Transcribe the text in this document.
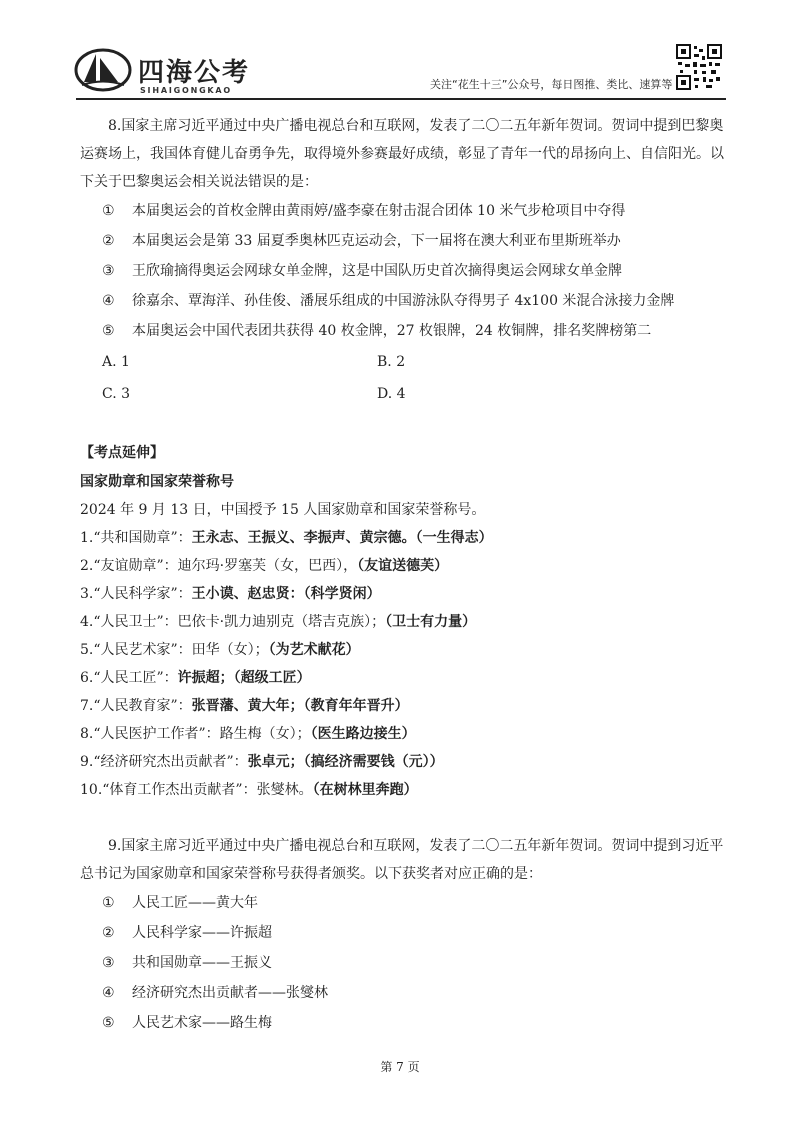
四海公考
SIHAIGONGKAO	关注“花生十三”公众号，每日图推、类比、速算等

8.国家主席习近平通过中央广播电视总台和互联网，发表了二〇二五年新年贺词。贺词中提到巴黎奥运赛场上，我国体育健儿奋勇争先，取得境外参赛最好成绩，彰显了青年一代的昂扬向上、自信阳光。以下关于巴黎奥运会相关说法错误的是：

① 本届奥运会的首枚金牌由黄雨婷/盛李豪在射击混合团体 10 米气步枪项目中夺得

② 本届奥运会是第 33 届夏季奥林匹克运动会，下一届将在澳大利亚布里斯班举办

③ 王欣瑜摘得奥运会网球女单金牌，这是中国队历史首次摘得奥运会网球女单金牌

④ 徐嘉余、覃海洋、孙佳俊、潘展乐组成的中国游泳队夺得男子 4x100 米混合泳接力金牌

⑤ 本届奥运会中国代表团共获得 40 枚金牌，27 枚银牌，24 枚铜牌，排名奖牌榜第二

A. 1	B. 2
C. 3	D. 4

【考点延伸】

国家勋章和国家荣誉称号

2024 年 9 月 13 日，中国授予 15 人国家勋章和国家荣誉称号。

1.“共和国勋章”：王永志、王振义、李振声、黄宗德。（一生得志）

2.“友谊勋章”：迪尔玛·罗塞芙（女，巴西），（友谊送德芙）

3.“人民科学家”：王小谟、赵忠贤：（科学贤闲）

4.“人民卫士”：巴依卡·凯力迪别克（塔吉克族）；（卫士有力量）

5.“人民艺术家”：田华（女）；（为艺术献花）

6.“人民工匠”：许振超；（超级工匠）

7.“人民教育家”：张晋藩、黄大年；（教育年年晋升）

8.“人民医护工作者”：路生梅（女）；（医生路边接生）

9.“经济研究杰出贡献者”：张卓元；（搞经济需要钱（元））

10.“体育工作杰出贡献者”：张燮林。（在树林里奔跑）

9.国家主席习近平通过中央广播电视总台和互联网，发表了二〇二五年新年贺词。贺词中提到习近平总书记为国家勋章和国家荣誉称号获得者颁奖。以下获奖者对应正确的是：

① 人民工匠——黄大年

② 人民科学家——许振超

③ 共和国勋章——王振义

④ 经济研究杰出贡献者——张燮林

⑤ 人民艺术家——路生梅

第 7 页
